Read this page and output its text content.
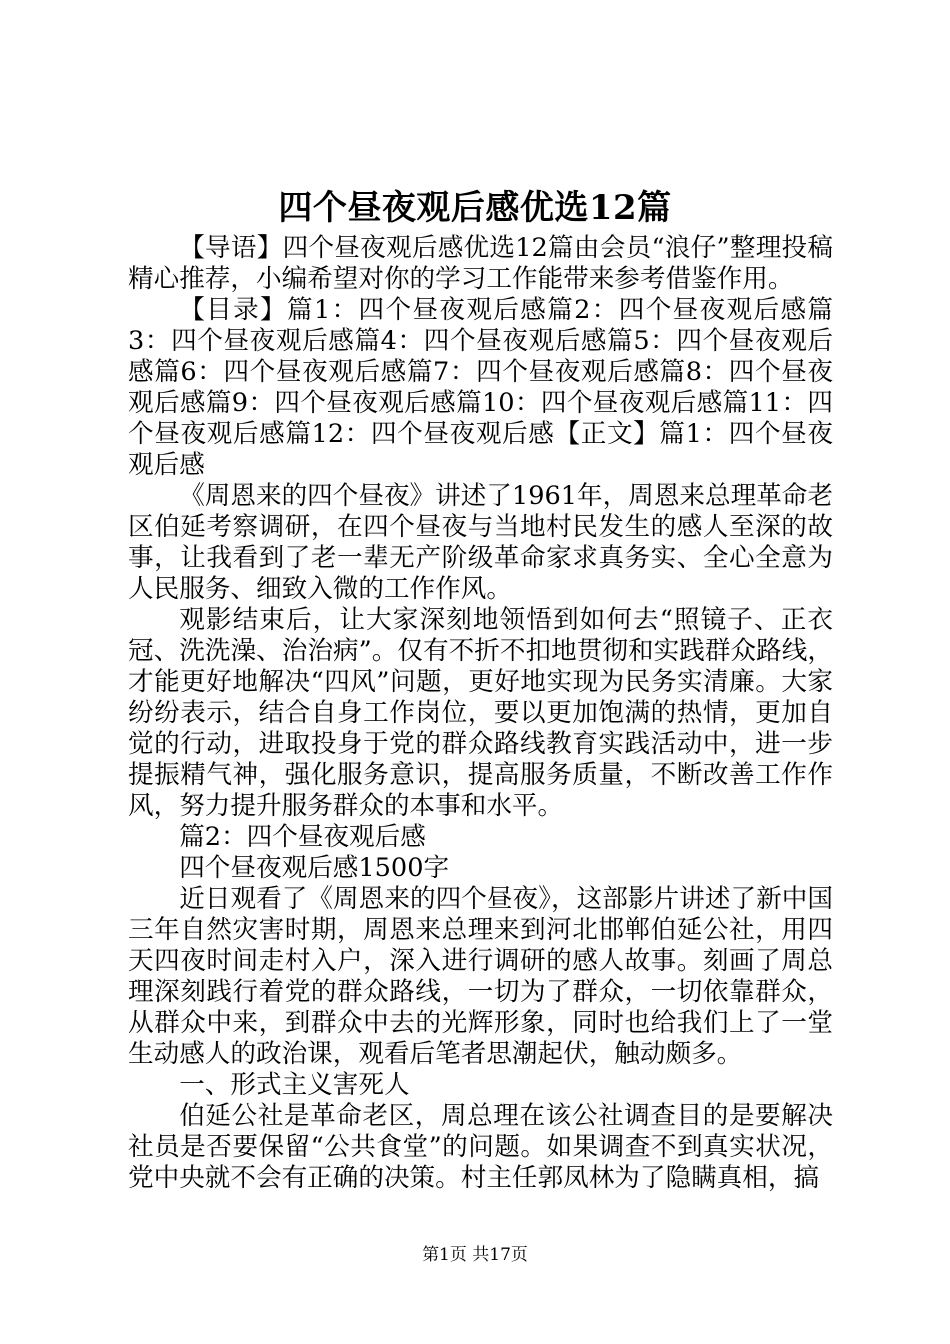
四个昼夜观后感优选12篇

【导语】四个昼夜观后感优选12篇由会员“浪仔”整理投稿精心推荐，小编希望对你的学习工作能带来参考借鉴作用。

【目录】篇1：四个昼夜观后感篇2：四个昼夜观后感篇3：四个昼夜观后感篇4：四个昼夜观后感篇5：四个昼夜观后感篇6：四个昼夜观后感篇7：四个昼夜观后感篇8：四个昼夜观后感篇9：四个昼夜观后感篇10：四个昼夜观后感篇11：四个昼夜观后感篇12：四个昼夜观后感【正文】篇1：四个昼夜观后感

《周恩来的四个昼夜》讲述了1961年，周恩来总理革命老区伯延考察调研，在四个昼夜与当地村民发生的感人至深的故事，让我看到了老一辈无产阶级革命家求真务实、全心全意为人民服务、细致入微的工作作风。

观影结束后，让大家深刻地领悟到如何去“照镜子、正衣冠、洗洗澡、治治病”。仅有不折不扣地贯彻和实践群众路线，才能更好地解决“四风”问题，更好地实现为民务实清廉。大家纷纷表示，结合自身工作岗位，要以更加饱满的热情，更加自觉的行动，进取投身于党的群众路线教育实践活动中，进一步提振精气神，强化服务意识，提高服务质量，不断改善工作作风，努力提升服务群众的本事和水平。

篇2：四个昼夜观后感

四个昼夜观后感1500字

近日观看了《周恩来的四个昼夜》，这部影片讲述了新中国三年自然灾害时期，周恩来总理来到河北邯郸伯延公社，用四天四夜时间走村入户，深入进行调研的感人故事。刻画了周总理深刻践行着党的群众路线，一切为了群众，一切依靠群众，从群众中来，到群众中去的光辉形象，同时也给我们上了一堂生动感人的政治课，观看后笔者思潮起伏，触动颇多。

一、形式主义害死人

伯延公社是革命老区，周总理在该公社调查目的是要解决社员是否要保留“公共食堂”的问题。如果调查不到真实状况，党中央就不会有正确的决策。村主任郭凤林为了隐瞒真相，搞

第1页 共17页
